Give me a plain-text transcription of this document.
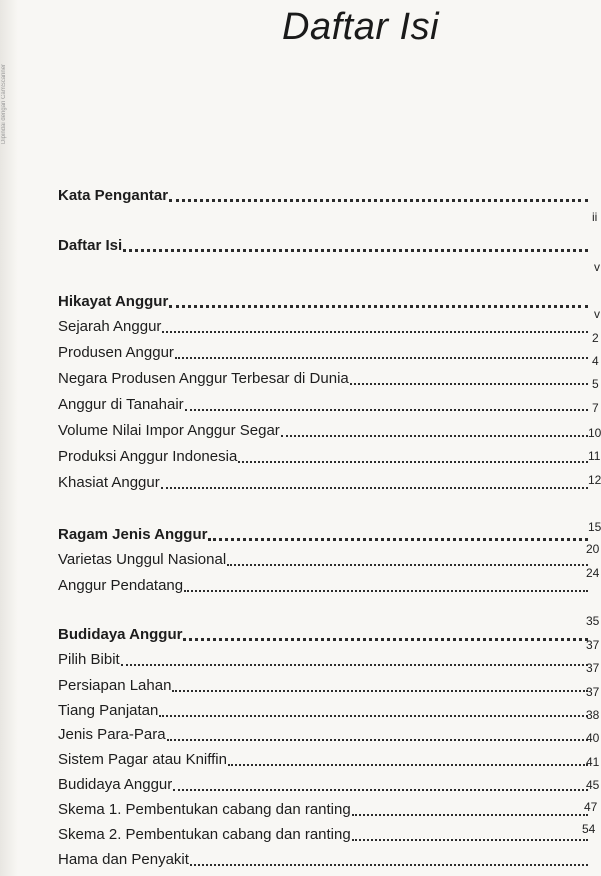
Dipindai dengan CamScanner
Daftar Isi
Kata Pengantar
Daftar Isi
Hikayat Anggur
Sejarah Anggur
Produsen Anggur
Negara Produsen Anggur Terbesar di Dunia
Anggur di Tanahair
Volume Nilai Impor Anggur Segar
Produksi Anggur Indonesia
Khasiat Anggur
Ragam Jenis Anggur
Varietas Unggul Nasional
Anggur Pendatang
Budidaya Anggur
Pilih Bibit
Persiapan Lahan
Tiang Panjatan
Jenis Para-Para
Sistem Pagar atau Kniffin
Budidaya Anggur
Skema 1. Pembentukan cabang dan ranting
Skema 2. Pembentukan cabang dan ranting
Hama dan Penyakit
ii
v
v
2
4
5
7
10
11
12
15
20
24
35
37
37
37
38
40
41
45
47
54
